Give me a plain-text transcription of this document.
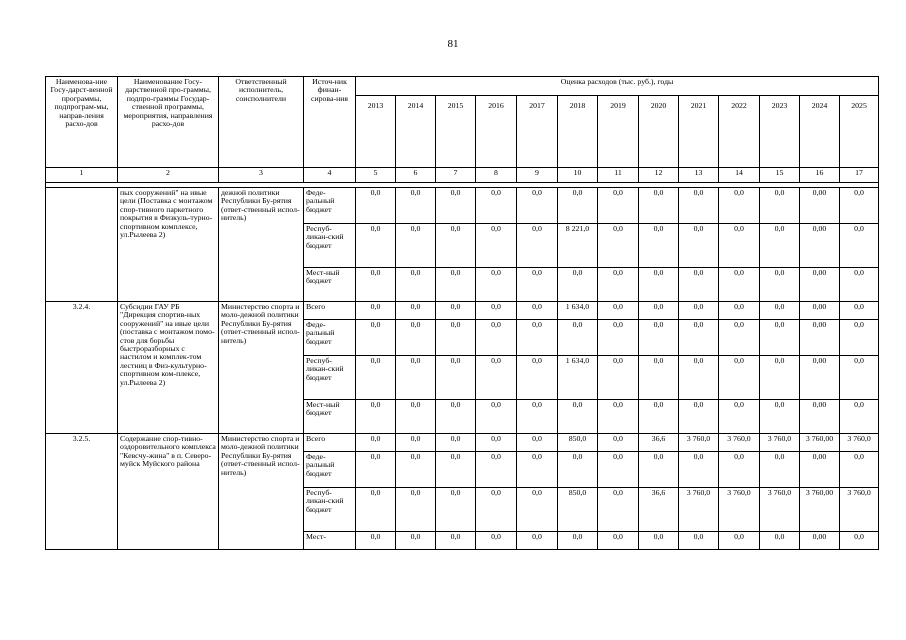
81
Наименова-ние Госу-дарст-венной программы, подпрограм-мы, направ-ления расхо-дов	Наименование Госу-дарственной про-граммы, подпро-граммы Государ-ственной программы, мероприятия, направления расхо-дов	Ответственный исполнитель, соисполнители	Источ-ник финан-сирова-ния	Оценка расходов (тыс. руб.), годы												
				2013	2014	2015	2016	2017	2018	2019	2020	2021	2022	2023	2024	2025
1	2	3	4	5	6	7	8	9	10	11	12	13	14	15	16	17

	пых сооружений" на ивые цели (Поставка с монтажом спор-тивного паркетного покрытия в Физкуль-турно-спортивном комплексе, ул.Рылеева 2)	дежной политики Республики Бу-рятия (ответ-ственный испол-нитель)	Феде-ральный бюджет	0,0	0,0	0,0	0,0	0,0	0,0	0,0	0,0	0,0	0,0	0,0	0,00	0,0
			Респуб-ликан-ский бюджет	0,0	0,0	0,0	0,0	0,0	8 221,0	0,0	0,0	0,0	0,0	0,0	0,00	0,0
			Мест-ный бюджет	0,0	0,0	0,0	0,0	0,0	0,0	0,0	0,0	0,0	0,0	0,0	0,00	0,0
3.2.4.	Субсидии ГАУ РБ "Дирекция спортив-ных сооружений" на ивые цели (поставка с монтажом помо-стов для борьбы быстроразборных с настилом и комплек-том лестниц в Физ-культурно-спортивном ком-плексе, ул.Рылеева 2)	Министерство спорта и моло-дежной политики Республики Бу-рятия (ответ-ственный испол-нитель)	Всего	0,0	0,0	0,0	0,0	0,0	1 634,0	0,0	0,0	0,0	0,0	0,0	0,00	0,0
			Феде-ральный бюджет	0,0	0,0	0,0	0,0	0,0	0,0	0,0	0,0	0,0	0,0	0,0	0,00	0,0
			Респуб-ликан-ский бюджет	0,0	0,0	0,0	0,0	0,0	1 634,0	0,0	0,0	0,0	0,0	0,0	0,00	0,0
			Мест-ный бюджет	0,0	0,0	0,0	0,0	0,0	0,0	0,0	0,0	0,0	0,0	0,0	0,00	0,0
3.2.5.	Содержание спор-тивно-оздоровительного комплекса "Кевсчу-жина" в п. Северо-муйск Муйского района	Министерство спорта и моло-дежной политики Республики Бу-рятия (ответ-ственный испол-нитель)	Всего	0,0	0,0	0,0	0,0	0,0	850,0	0,0	36,6	3 760,0	3 760,0	3 760,0	3 760,00	3 760,0
			Феде-ральный бюджет	0,0	0,0	0,0	0,0	0,0	0,0	0,0	0,0	0,0	0,0	0,0	0,00	0,0
			Респуб-ликан-ский бюджет	0,0	0,0	0,0	0,0	0,0	850,0	0,0	36,6	3 760,0	3 760,0	3 760,0	3 760,00	3 760,0
			Мест-	0,0	0,0	0,0	0,0	0,0	0,0	0,0	0,0	0,0	0,0	0,0	0,00	0,0
